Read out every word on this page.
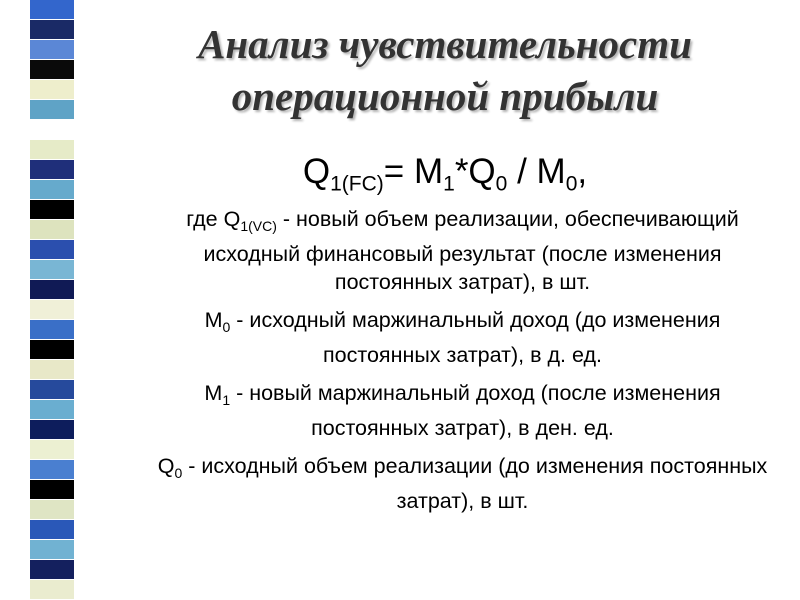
Анализ чувствительности
операционной прибыли
$Q_{1(FC)}= M_1*Q_0 / M_0$,
где $Q_{1(VC)}$ - новый объем реализации, обеспечивающий исходный финансовый результат (после изменения постоянных затрат), в шт.
$M_0$ - исходный маржинальный доход (до изменения постоянных затрат), в д. ед.
$M_1$ - новый маржинальный доход (после изменения постоянных затрат), в ден. ед.
$Q_0$ - исходный объем реализации (до изменения постоянных затрат), в шт.
